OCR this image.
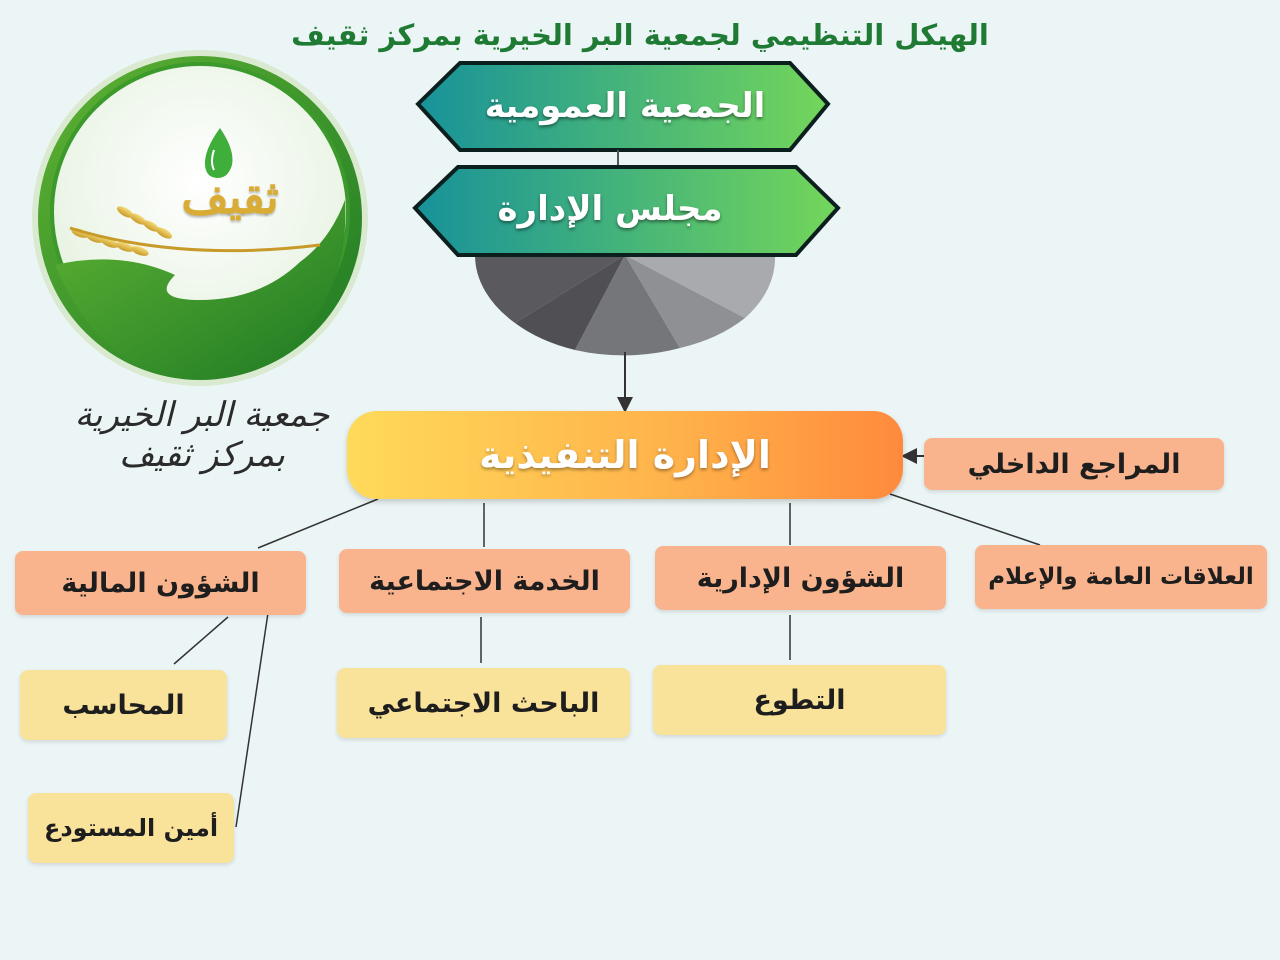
الهيكل التنظيمي لجمعية البر الخيرية بمركز ثقيف
ثقيف
جمعية البر الخيرية بمركز ثقيف
الجمعية العمومية
مجلس الإدارة
الإدارة التنفيذية	المراجع الداخلي
الشؤون المالية	الخدمة الاجتماعية	الشؤون الإدارية	العلاقات العامة والإعلام
المحاسب	الباحث الاجتماعي	التطوع
أمين المستودع
